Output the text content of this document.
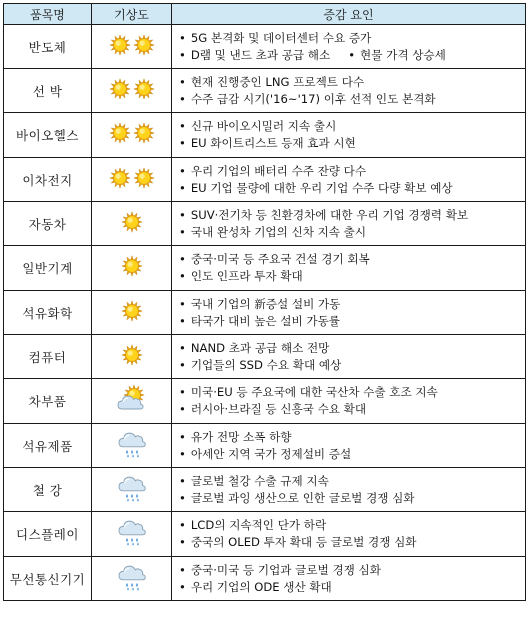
품목명	기상도	증감 요인
반도체		• 5G 본격화 및 데이터센터 수요 증가
• D램 및 낸드 초과 공급 해소 • 현물 가격 상승세

선 박		• 현재 진행중인 LNG 프로젝트 다수
• 수주 급감 시기('16~'17) 이후 선적 인도 본격화

바이오헬스		• 신규 바이오시밀러 지속 출시
• EU 화이트리스트 등재 효과 시현

이차전지		• 우리 기업의 배터리 수주 잔량 다수
• EU 기업 물량에 대한 우리 기업 수주 다량 확보 예상

자동차		• SUV·전기차 등 친환경차에 대한 우리 기업 경쟁력 확보
• 국내 완성차 기업의 신차 지속 출시

일반기계		• 중국·미국 등 주요국 건설 경기 회복
• 인도 인프라 투자 확대

석유화학		• 국내 기업의 新증설 설비 가동
• 타국가 대비 높은 설비 가동률

컴퓨터		• NAND 초과 공급 해소 전망
• 기업들의 SSD 수요 확대 예상

차부품		• 미국·EU 등 주요국에 대한 국산차 수출 호조 지속
• 러시아·브라질 등 신흥국 수요 확대

석유제품		• 유가 전망 소폭 하향
• 아세안 지역 국가 정제설비 증설

철 강		• 글로벌 철강 수출 규제 지속
• 글로벌 과잉 생산으로 인한 글로벌 경쟁 심화

디스플레이		• LCD의 지속적인 단가 하락
• 중국의 OLED 투자 확대 등 글로벌 경쟁 심화

무선통신기기		• 중국·미국 등 기업과 글로벌 경쟁 심화
• 우리 기업의 ODE 생산 확대
